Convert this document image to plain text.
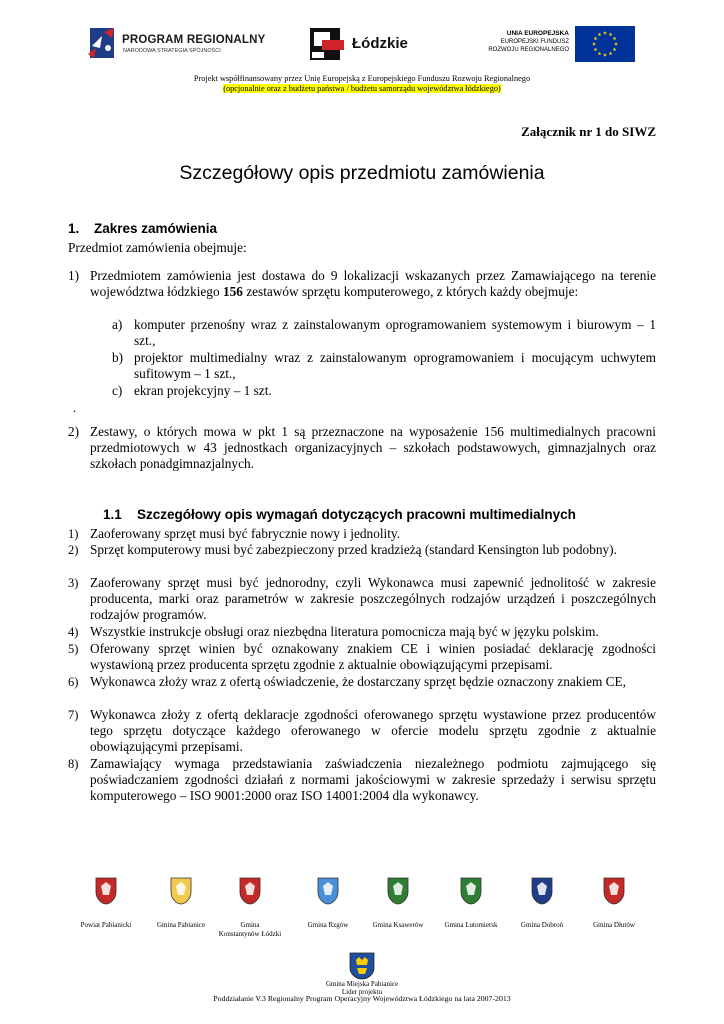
PROGRAM REGIONALNY
NARODOWA STRATEGIA SPÓJNOŚCI	Łódzkie
UNIA EUROPEJSKA
EUROPEJSKI FUNDUSZ
ROZWOJU REGIONALNEGO
Projekt współfinansowany przez Unię Europejską z Europejskiego Funduszu Rozwoju Regionalnego
(opcjonalnie oraz z budżetu państwa / budżetu samorządu województwa łódzkiego)
Załącznik nr 1 do SIWZ
Szczegółowy opis przedmiotu zamówienia
1. Zakres zamówienia
Przedmiot zamówienia obejmuje:
1) Przedmiotem zamówienia jest dostawa do 9 lokalizacji wskazanych przez Zamawiającego na terenie województwa łódzkiego 156 zestawów sprzętu komputerowego, z których każdy obejmuje:
a) komputer przenośny wraz z zainstalowanym oprogramowaniem systemowym i biurowym – 1 szt.,
b) projektor multimedialny wraz z zainstalowanym oprogramowaniem i mocującym uchwytem sufitowym – 1 szt.,
c) ekran projekcyjny – 1 szt.
.
2) Zestawy, o których mowa w pkt 1 są przeznaczone na wyposażenie 156 multimedialnych pracowni przedmiotowych w 43 jednostkach organizacyjnych – szkołach podstawowych, gimnazjalnych oraz szkołach ponadgimnazjalnych.
1.1 Szczegółowy opis wymagań dotyczących pracowni multimedialnych
1) Zaoferowany sprzęt musi być fabrycznie nowy i jednolity.
2) Sprzęt komputerowy musi być zabezpieczony przed kradzieżą (standard Kensington lub podobny).
3) Zaoferowany sprzęt musi być jednorodny, czyli Wykonawca musi zapewnić jednolitość w zakresie producenta, marki oraz parametrów w zakresie poszczególnych rodzajów urządzeń i poszczególnych rodzajów programów.
4) Wszystkie instrukcje obsługi oraz niezbędna literatura pomocnicza mają być w języku polskim.
5) Oferowany sprzęt winien być oznakowany znakiem CE i winien posiadać deklarację zgodności wystawioną przez producenta sprzętu zgodnie z aktualnie obowiązującymi przepisami.
6) Wykonawca złoży wraz z ofertą oświadczenie, że dostarczany sprzęt będzie oznaczony znakiem CE,
7) Wykonawca złoży z ofertą deklaracje zgodności oferowanego sprzętu wystawione przez producentów tego sprzętu dotyczące każdego oferowanego w ofercie modelu sprzętu zgodnie z aktualnie obowiązującymi przepisami.
8) Zamawiający wymaga przedstawiania zaświadczenia niezależnego podmiotu zajmującego się poświadczaniem zgodności działań z normami jakościowymi w zakresie sprzedaży i serwisu sprzętu komputerowego – ISO 9001:2000 oraz ISO 14001:2004 dla wykonawcy.
Powiat Pabianicki	Gmina Pabianice	Gmina
Konstantynów Łódzki
Gmina Rzgów	Gmina Ksawerów	Gmina Lutomiersk	Gmina Dobroń	Gmina Dłutów
Gmina Miejska Pabianice
Lider projektu
Poddziałanie V.3 Regionalny Program Operacyjny Województwa Łódzkiego na lata 2007-2013
